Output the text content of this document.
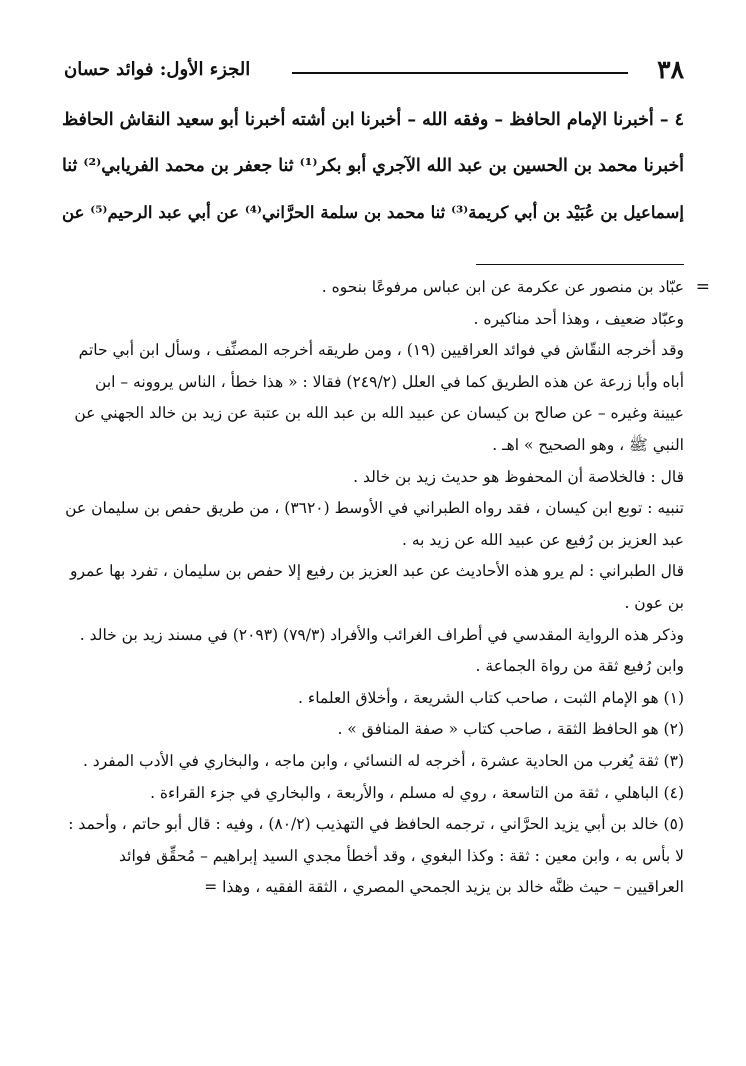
٣٨
الجزء الأول: فوائد حسان
٤ – أخبرنا الإمام الحافظ – وفقه الله – أخبرنا ابن أشته أخبرنا أبو سعيد النقاش الحافظ
أخبرنا محمد بن الحسين بن عبد الله الآجري أبو بكر⁽¹⁾ ثنا جعفر بن محمد الفريابي⁽²⁾ ثنا
إسماعيل بن عُبَيْد بن أبي كريمة⁽³⁾ ثنا محمد بن سلمة الحرَّاني⁽⁴⁾ عن أبي عبد الرحيم⁽⁵⁾ عن

=
عبّاد بن منصور عن عكرمة عن ابن عباس مرفوعًا بنحوه .

وعبّاد ضعيف ، وهذا أحد مناكيره .

وقد أخرجه النقّاش في فوائد العراقيين (١٩) ، ومن طريقه أخرجه المصنِّف ، وسأل ابن أبي حاتم أباه وأبا زرعة عن هذه الطريق كما في العلل (٢٤٩/٢) فقالا : « هذا خطأ ، الناس يروونه – ابن عيينة وغيره – عن صالح بن كيسان عن عبيد الله بن عبد الله بن عتبة عن زيد بن خالد الجهني عن النبي ﷺ ، وهو الصحيح » اهـ .

قال : فالخلاصة أن المحفوظ هو حديث زيد بن خالد .

تنبيه : توبع ابن كيسان ، فقد رواه الطبراني في الأوسط (٣٦٢٠) ، من طريق حفص بن سليمان عن عبد العزيز بن رُفيع عن عبيد الله عن زيد به .

قال الطبراني : لم يرو هذه الأحاديث عن عبد العزيز بن رفيع إلا حفص بن سليمان ، تفرد بها عمرو بن عون .

وذكر هذه الرواية المقدسي في أطراف الغرائب والأفراد (٧٩/٣) (٢٠٩٣) في مسند زيد بن خالد .

وابن رُفيع ثقة من رواة الجماعة .

(١) هو الإمام الثبت ، صاحب كتاب الشريعة ، وأخلاق العلماء .
(٢) هو الحافظ الثقة ، صاحب كتاب « صفة المنافق » .
(٣) ثقة يُغرب من الحادية عشرة ، أخرجه له النسائي ، وابن ماجه ، والبخاري في الأدب المفرد .
(٤) الباهلي ، ثقة من التاسعة ، روي له مسلم ، والأربعة ، والبخاري في جزء القراءة .
(٥) خالد بن أبي يزيد الحرَّاني ، ترجمه الحافظ في التهذيب (٨٠/٢) ، وفيه : قال أبو حاتم ، وأحمد : لا بأس به ، وابن معين : ثقة : وكذا البغوي ، وقد أخطأ مجدي السيد إبراهيم – مُحقِّق فوائد العراقيين – حيث ظنَّه خالد بن يزيد الجمحي المصري ، الثقة الفقيه ، وهذا =
